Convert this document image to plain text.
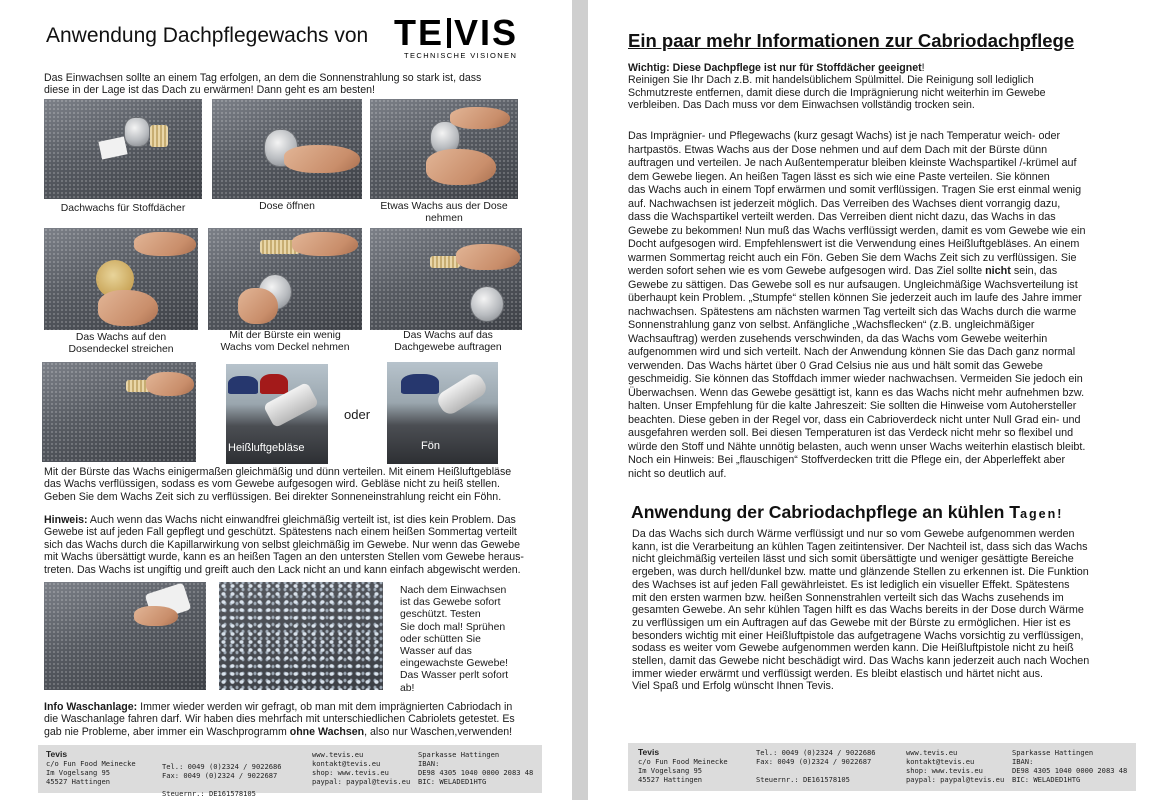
Anwendung Dachpflegewachs von TE VIS
TECHNISCHE VISIONEN
Das Einwachsen sollte an einem Tag erfolgen, an dem die Sonnenstrahlung so stark ist, dass
diese in der Lage ist das Dach zu erwärmen! Dann geht es am besten!
Dachwachs für Stoffdächer	Dose öffnen	Etwas Wachs aus der Dose
nehmen
Das Wachs auf den
Dosendeckel streichen
Mit der Bürste ein wenig
Wachs vom Deckel nehmen
Das Wachs auf das
Dachgewebe auftragen
Heißluftgebläse
oder
Fön
Mit der Bürste das Wachs einigermaßen gleichmäßig und dünn verteilen. Mit einem Heißluftgebläse
das Wachs verflüssigen, sodass es vom Gewebe aufgesogen wird. Gebläse nicht zu heiß stellen.
Geben Sie dem Wachs Zeit sich zu verflüssigen. Bei direkter Sonneneinstrahlung reicht ein Föhn.
Hinweis: Auch wenn das Wachs nicht einwandfrei gleichmäßig verteilt ist, ist dies kein Problem. Das
Gewebe ist auf jeden Fall gepflegt und geschützt. Spätestens nach einem heißen Sommertag verteilt
sich das Wachs durch die Kapillarwirkung von selbst gleichmäßig im Gewebe. Nur wenn das Gewebe
mit Wachs übersättigt wurde, kann es an heißen Tagen an den untersten Stellen vom Gewebe heraus-
treten. Das Wachs ist ungiftig und greift auch den Lack nicht an und kann einfach abgewischt werden.
Nach dem Einwachsen
ist das Gewebe sofort
geschützt. Testen
Sie doch mal! Sprühen
oder schütten Sie
Wasser auf das
eingewachste Gewebe!
Das Wasser perlt sofort
ab!
Info Waschanlage: Immer wieder werden wir gefragt, ob man mit dem imprägnierten Cabriodach in
die Waschanlage fahren darf. Wir haben dies mehrfach mit unterschiedlichen Cabriolets getestet. Es
gab nie Probleme, aber immer ein Waschprogramm ohne Wachsen, also nur Waschen,verwenden!
Tevis
c/o Fun Food Meinecke
Im Vogelsang 95
45527 Hattingen
Tel.: 0049 (0)2324 / 9022686
Fax: 0049 (0)2324 / 9022687
Steuernr.: DE161578105
www.tevis.eu
kontakt@tevis.eu
shop: www.tevis.eu
paypal: paypal@tevis.eu
Sparkasse Hattingen
IBAN:
DE98 4305 1040 0000 2083 48
BIC: WELADED1HTG
Ein paar mehr Informationen zur Cabriodachpflege
Wichtig: Diese Dachpflege ist nur für Stoffdächer geeignet!
Reinigen Sie Ihr Dach z.B. mit handelsüblichem Spülmittel. Die Reinigung soll lediglich
Schmutzreste entfernen, damit diese durch die Imprägnierung nicht weiterhin im Gewebe
verbleiben. Das Dach muss vor dem Einwachsen vollständig trocken sein.
Das Imprägnier- und Pflegewachs (kurz gesagt Wachs) ist je nach Temperatur weich- oder
hartpastös. Etwas Wachs aus der Dose nehmen und auf dem Dach mit der Bürste dünn
auftragen und verteilen. Je nach Außentemperatur bleiben kleinste Wachspartikel /-krümel auf
dem Gewebe liegen. An heißen Tagen lässt es sich wie eine Paste verteilen. Sie können
das Wachs auch in einem Topf erwärmen und somit verflüssigen. Tragen Sie erst einmal wenig
auf. Nachwachsen ist jederzeit möglich. Das Verreiben des Wachses dient vorrangig dazu,
dass die Wachspartikel verteilt werden. Das Verreiben dient nicht dazu, das Wachs in das
Gewebe zu bekommen! Nun muß das Wachs verflüssigt werden, damit es vom Gewebe wie ein
Docht aufgesogen wird. Empfehlenswert ist die Verwendung eines Heißluftgebläses. An einem
warmen Sommertag reicht auch ein Fön. Geben Sie dem Wachs Zeit sich zu verflüssigen. Sie
werden sofort sehen wie es vom Gewebe aufgesogen wird. Das Ziel sollte nicht sein, das
Gewebe zu sättigen. Das Gewebe soll es nur aufsaugen. Ungleichmäßige Wachsverteilung ist
überhaupt kein Problem. „Stumpfe“ stellen können Sie jederzeit auch im laufe des Jahre immer
nachwachsen. Spätestens am nächsten warmen Tag verteilt sich das Wachs durch die warme
Sonnenstrahlung ganz von selbst. Anfängliche „Wachsflecken“ (z.B. ungleichmäßiger
Wachsauftrag) werden zusehends verschwinden, da das Wachs vom Gewebe weiterhin
aufgenommen wird und sich verteilt. Nach der Anwendung können Sie das Dach ganz normal
verwenden. Das Wachs härtet über 0 Grad Celsius nie aus und hält somit das Gewebe
geschmeidig. Sie können das Stoffdach immer wieder nachwachsen. Vermeiden Sie jedoch ein
Überwachsen. Wenn das Gewebe gesättigt ist, kann es das Wachs nicht mehr aufnehmen bzw.
halten. Unser Empfehlung für die kalte Jahreszeit: Sie sollten die Hinweise vom Autohersteller
beachten. Diese geben in der Regel vor, dass ein Cabrioverdeck nicht unter Null Grad ein- und
ausgefahren werden soll. Bei diesen Temperaturen ist das Verdeck nicht mehr so flexibel und
würde den Stoff und Nähte unnötig belasten, auch wenn unser Wachs weiterhin elastisch bleibt.
Noch ein Hinweis: Bei „flauschigen“ Stoffverdecken tritt die Pflege ein, der Abperleffekt aber
nicht so deutlich auf.
Anwendung der Cabriodachpflege an kühlen Tagen!
Da das Wachs sich durch Wärme verflüssigt und nur so vom Gewebe aufgenommen werden
kann, ist die Verarbeitung an kühlen Tagen zeitintensiver. Der Nachteil ist, dass sich das Wachs
nicht gleichmäßig verteilen lässt und sich somit übersättigte und weniger gesättigte Bereiche
ergeben, was durch hell/dunkel bzw. matte und glänzende Stellen zu erkennen ist. Die Funktion
des Wachses ist auf jeden Fall gewährleistet. Es ist lediglich ein visueller Effekt. Spätestens
mit den ersten warmen bzw. heißen Sonnenstrahlen verteilt sich das Wachs zusehends im
gesamten Gewebe. An sehr kühlen Tagen hilft es das Wachs bereits in der Dose durch Wärme
zu verflüssigen um ein Auftragen auf das Gewebe mit der Bürste zu ermöglichen. Hier ist es
besonders wichtig mit einer Heißluftpistole das aufgetragene Wachs vorsichtig zu verflüssigen,
sodass es weiter vom Gewebe aufgenommen werden kann. Die Heißluftpistole nicht zu heiß
stellen, damit das Gewebe nicht beschädigt wird. Das Wachs kann jederzeit auch nach Wochen
immer wieder erwärmt und verflüssigt werden. Es bleibt elastisch und härtet nicht aus.
Viel Spaß und Erfolg wünscht Ihnen Tevis.
Tevis
c/o Fun Food Meinecke
Im Vogelsang 95
45527 Hattingen
Tel.: 0049 (0)2324 / 9022686
Fax: 0049 (0)2324 / 9022687
Steuernr.: DE161578105
www.tevis.eu
kontakt@tevis.eu
shop: www.tevis.eu
paypal: paypal@tevis.eu
Sparkasse Hattingen
IBAN:
DE98 4305 1040 0000 2083 48
BIC: WELADED1HTG
